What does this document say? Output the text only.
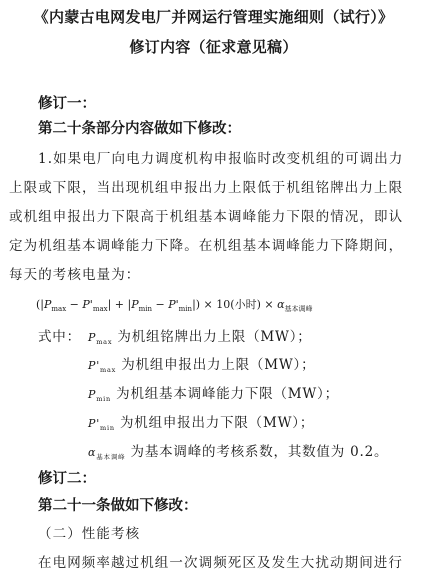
《内蒙古电网发电厂并网运行管理实施细则（试行）》
修订内容（征求意见稿）
修订一：
第二十条部分内容做如下修改：
1.如果电厂向电力调度机构申报临时改变机组的可调出力
上限或下限，当出现机组申报出力上限低于机组铭牌出力上限
或机组申报出力下限高于机组基本调峰能力下限的情况，即认
定为机组基本调峰能力下降。在机组基本调峰能力下降期间，
每天的考核电量为：
$(|P_{max} - P'_{max}| + |P_{min} - P'_{min}|) \times 10$(小时) × $\alpha_{基本调峰}$
式中： $P_{max}$ 为机组铭牌出力上限（MW）；
$P'_{max}$ 为机组申报出力上限（MW）；
$P_{min}$ 为机组基本调峰能力下限（MW）；
$P'_{min}$ 为机组申报出力下限（MW）；
$\alpha_{基本调峰}$ 为基本调峰的考核系数，其数值为 0.2。
修订二：
第二十一条做如下修改：
（二）性能考核
在电网频率越过机组一次调频死区及发生大扰动期间进行
